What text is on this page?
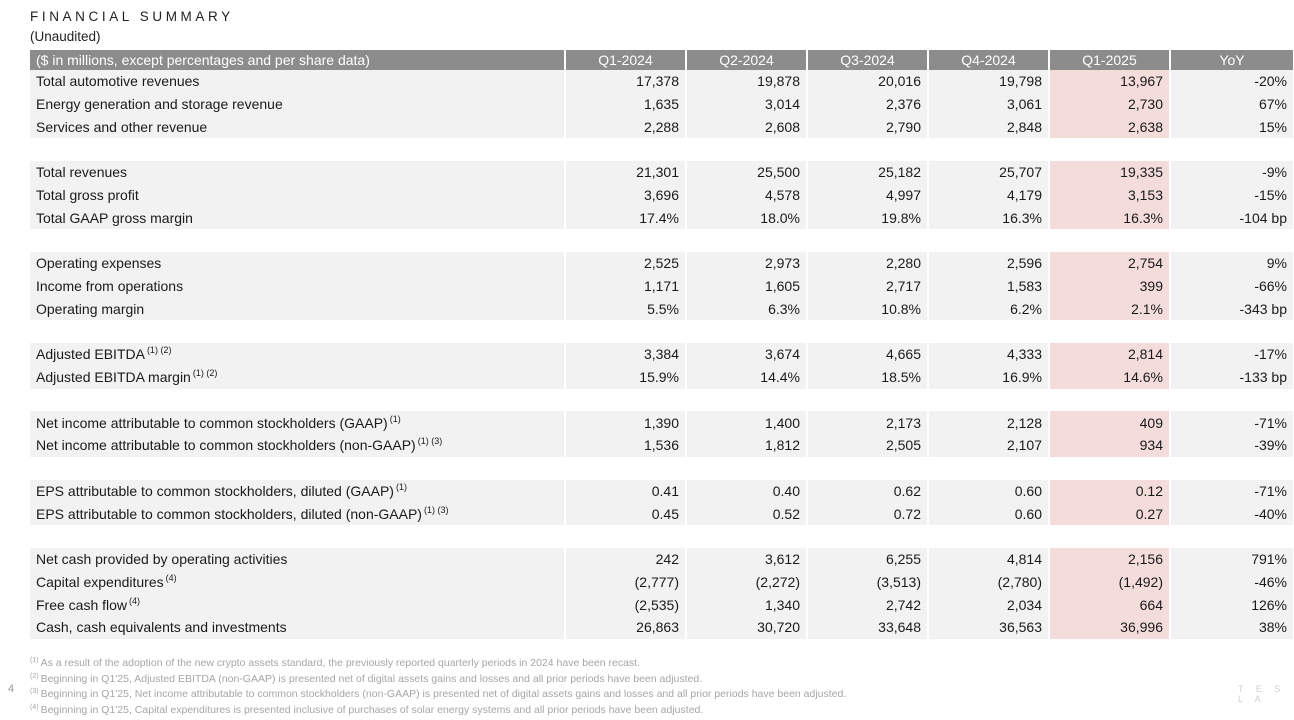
FINANCIAL SUMMARY
(Unaudited)
($ in millions, except percentages and per share data)	Q1-2024	Q2-2024	Q3-2024	Q4-2024	Q1-2025	YoY
Total automotive revenues	17,378	19,878	20,016	19,798	13,967	-20%
Energy generation and storage revenue	1,635	3,014	2,376	3,061	2,730	67%
Services and other revenue	2,288	2,608	2,790	2,848	2,638	15%

Total revenues	21,301	25,500	25,182	25,707	19,335	-9%
Total gross profit	3,696	4,578	4,997	4,179	3,153	-15%
Total GAAP gross margin	17.4%	18.0%	19.8%	16.3%	16.3%	-104 bp

Operating expenses	2,525	2,973	2,280	2,596	2,754	9%
Income from operations	1,171	1,605	2,717	1,583	399	-66%
Operating margin	5.5%	6.3%	10.8%	6.2%	2.1%	-343 bp

Adjusted EBITDA $^{(1) (2)}$	3,384	3,674	4,665	4,333	2,814	-17%
Adjusted EBITDA margin $^{(1) (2)}$	15.9%	14.4%	18.5%	16.9%	14.6%	-133 bp

Net income attributable to common stockholders (GAAP) $^{(1)}$	1,390	1,400	2,173	2,128	409	-71%
Net income attributable to common stockholders (non-GAAP) $^{(1) (3)}$	1,536	1,812	2,505	2,107	934	-39%

EPS attributable to common stockholders, diluted (GAAP) $^{(1)}$	0.41	0.40	0.62	0.60	0.12	-71%
EPS attributable to common stockholders, diluted (non-GAAP) $^{(1) (3)}$	0.45	0.52	0.72	0.60	0.27	-40%

Net cash provided by operating activities	242	3,612	6,255	4,814	2,156	791%
Capital expenditures $^{(4)}$	(2,777)	(2,272)	(3,513)	(2,780)	(1,492)	-46%
Free cash flow $^{(4)}$	(2,535)	1,340	2,742	2,034	664	126%
Cash, cash equivalents and investments	26,863	30,720	33,648	36,563	36,996	38%
$^{(1)}$ As a result of the adoption of the new crypto assets standard, the previously reported quarterly periods in 2024 have been recast.
$^{(2)}$ Beginning in Q1'25, Adjusted EBITDA (non-GAAP) is presented net of digital assets gains and losses and all prior periods have been adjusted.
$^{(3)}$ Beginning in Q1'25, Net income attributable to common stockholders (non-GAAP) is presented net of digital assets gains and losses and all prior periods have been adjusted.
$^{(4)}$ Beginning in Q1'25, Capital expenditures is presented inclusive of purchases of solar energy systems and all prior periods have been adjusted.
4	T E S L A
